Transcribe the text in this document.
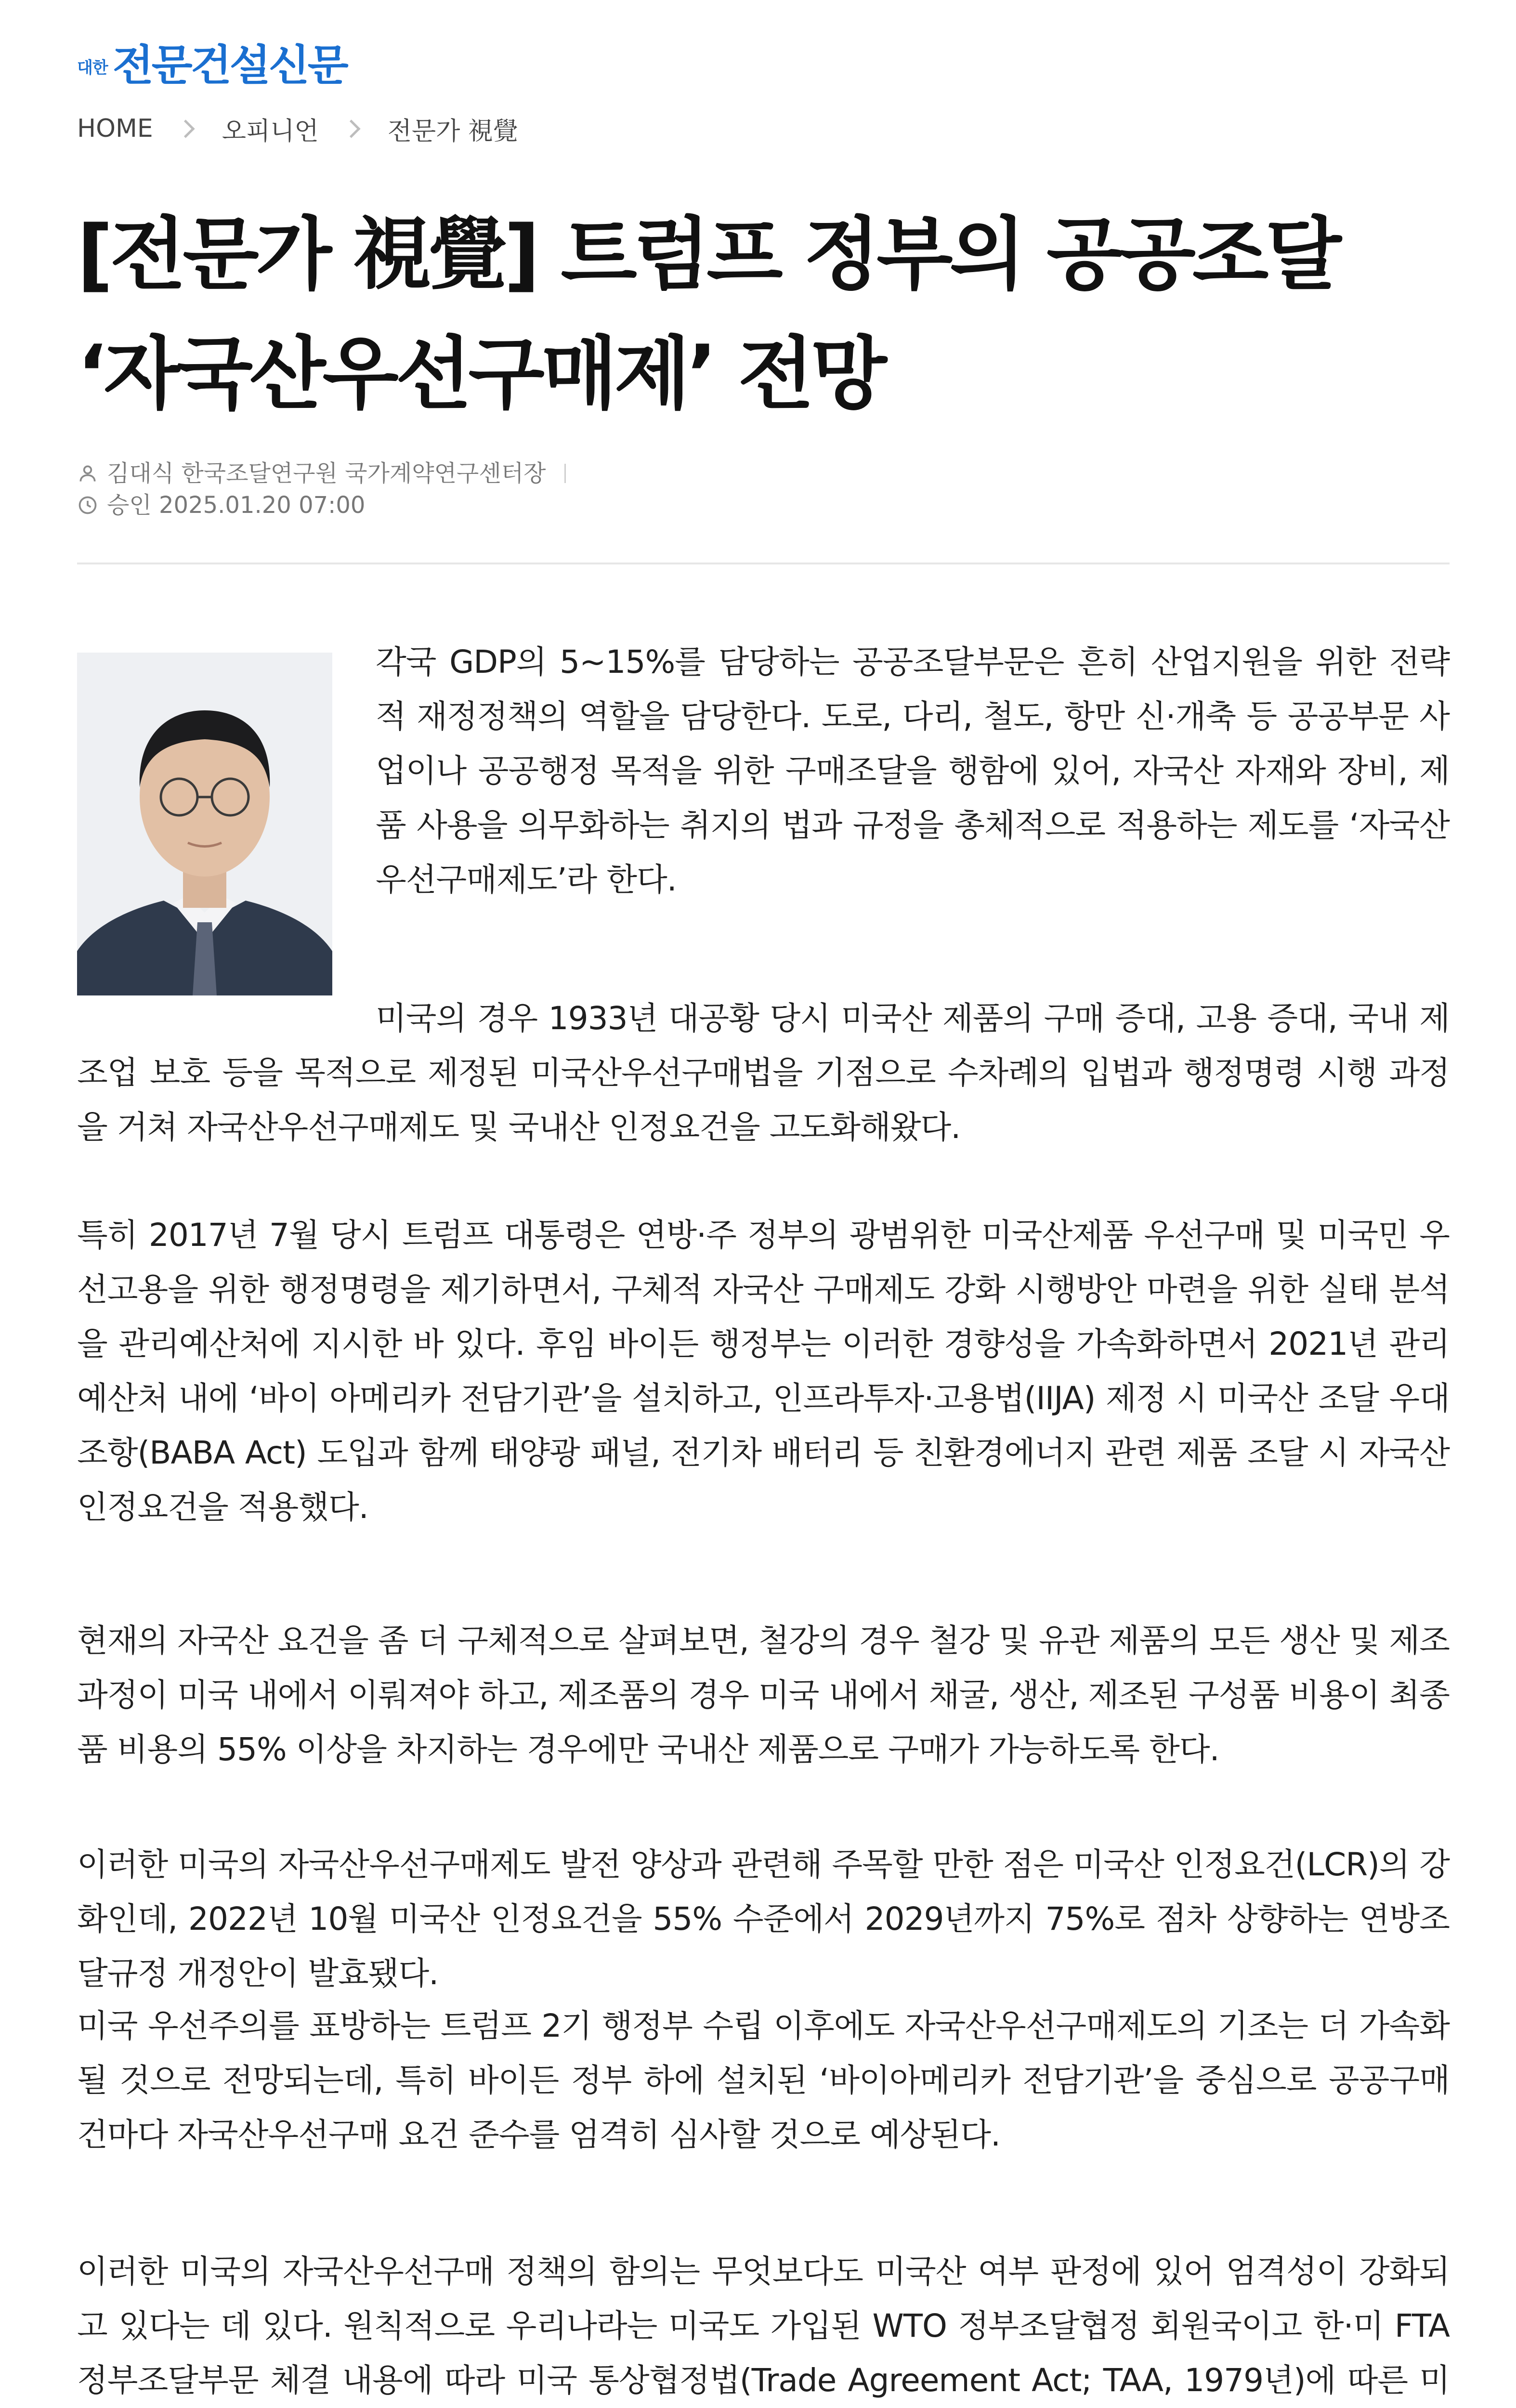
대한 전문건설신문
HOME	오피니언	전문가 視覺
[전문가 視覺] 트럼프 정부의 공공조달 ‘자국산우선구매제’ 전망
김대식 한국조달연구원 국가계약연구센터장
승인 2025.01.20 07:00

각국 GDP의 5~15%를 담당하는 공공조달부문은 흔히 산업지원을 위한 전략적 재정정책의 역할을 담당한다. 도로, 다리, 철도, 항만 신·개축 등 공공부문 사업이나 공공행정 목적을 위한 구매조달을 행함에 있어, 자국산 자재와 장비, 제품 사용을 의무화하는 취지의 법과 규정을 총체적으로 적용하는 제도를 ‘자국산우선구매제도’라 한다.

미국의 경우 1933년 대공황 당시 미국산 제품의 구매 증대, 고용 증대, 국내 제조업 보호 등을 목적으로 제정된 미국산우선구매법을 기점으로 수차례의 입법과 행정명령 시행 과정을 거쳐 자국산우선구매제도 및 국내산 인정요건을 고도화해왔다.

특히 2017년 7월 당시 트럼프 대통령은 연방·주 정부의 광범위한 미국산제품 우선구매 및 미국민 우선고용을 위한 행정명령을 제기하면서, 구체적 자국산 구매제도 강화 시행방안 마련을 위한 실태 분석을 관리예산처에 지시한 바 있다. 후임 바이든 행정부는 이러한 경향성을 가속화하면서 2021년 관리예산처 내에 ‘바이 아메리카 전담기관’을 설치하고, 인프라투자·고용법(IIJA) 제정 시 미국산 조달 우대조항(BABA Act) 도입과 함께 태양광 패널, 전기차 배터리 등 친환경에너지 관련 제품 조달 시 자국산 인정요건을 적용했다.

현재의 자국산 요건을 좀 더 구체적으로 살펴보면, 철강의 경우 철강 및 유관 제품의 모든 생산 및 제조과정이 미국 내에서 이뤄져야 하고, 제조품의 경우 미국 내에서 채굴, 생산, 제조된 구성품 비용이 최종품 비용의 55% 이상을 차지하는 경우에만 국내산 제품으로 구매가 가능하도록 한다.

이러한 미국의 자국산우선구매제도 발전 양상과 관련해 주목할 만한 점은 미국산 인정요건(LCR)의 강화인데, 2022년 10월 미국산 인정요건을 55% 수준에서 2029년까지 75%로 점차 상향하는 연방조달규정 개정안이 발효됐다.

미국 우선주의를 표방하는 트럼프 2기 행정부 수립 이후에도 자국산우선구매제도의 기조는 더 가속화될 것으로 전망되는데, 특히 바이든 정부 하에 설치된 ‘바이아메리카 전담기관’을 중심으로 공공구매 건마다 자국산우선구매 요건 준수를 엄격히 심사할 것으로 예상된다.

이러한 미국의 자국산우선구매 정책의 함의는 무엇보다도 미국산 여부 판정에 있어 엄격성이 강화되고 있다는 데 있다. 원칙적으로 우리나라는 미국도 가입된 WTO 정부조달협정 회원국이고 한·미 FTA 정부조달부문 체결 내용에 따라 미국 통상협정법(Trade Agreement Act; TAA, 1979년)에 따른 미
